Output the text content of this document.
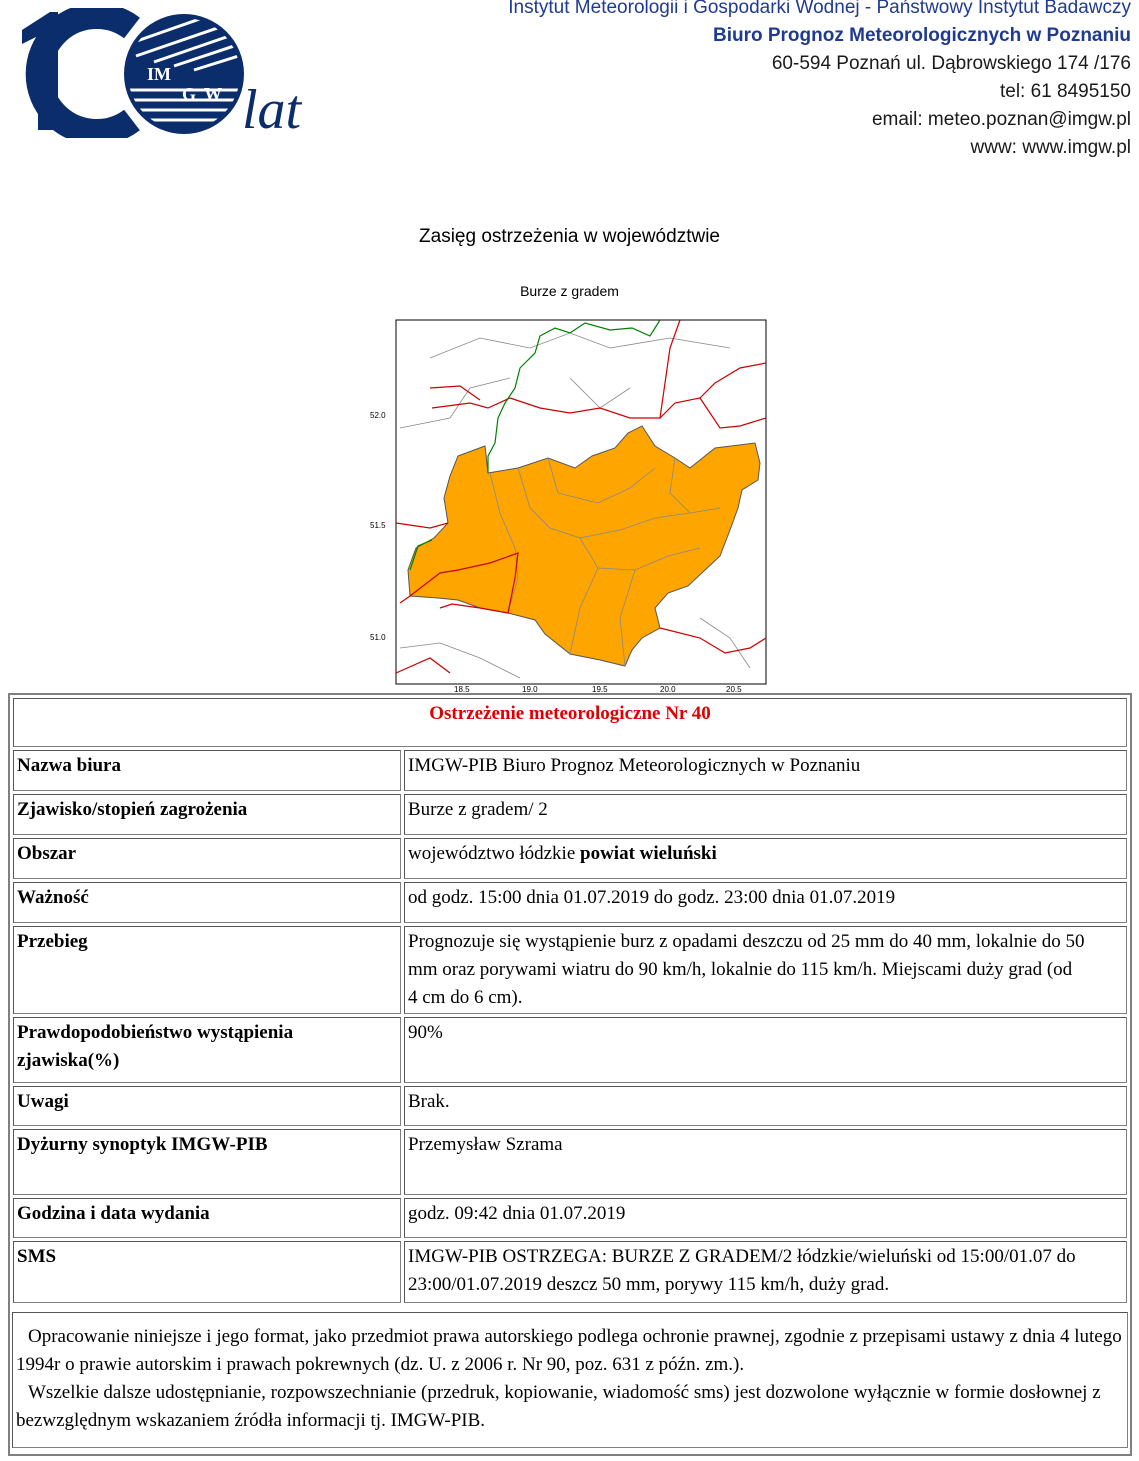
IM
G W lat
Instytut Meteorologii i Gospodarki Wodnej - Państwowy Instytut Badawczy
Biuro Prognoz Meteorologicznych w Poznaniu
60-594 Poznań ul. Dąbrowskiego 174 /176
tel: 61 8495150
email: meteo.poznan@imgw.pl
www: www.imgw.pl
Zasięg ostrzeżenia w województwie
Burze z gradem
52.0
51.5
51.0
18.5	19.0	19.5	20.0	20.5
Ostrzeżenie meteorologiczne Nr 40	
Nazwa biura	IMGW-PIB Biuro Prognoz Meteorologicznych w Poznaniu
Zjawisko/stopień zagrożenia	Burze z gradem/ 2
Obszar	województwo łódzkie powiat wieluński
Ważność	od godz. 15:00 dnia 01.07.2019 do godz. 23:00 dnia 01.07.2019
Przebieg	Prognozuje się wystąpienie burz z opadami deszczu od 25 mm do 40 mm, lokalnie do 50 mm oraz porywami wiatru do 90 km/h, lokalnie do 115 km/h. Miejscami duży grad (od 4 cm do 6 cm).
Prawdopodobieństwo wystąpienia zjawiska(%)	90%
Uwagi	Brak.
Dyżurny synoptyk IMGW-PIB	Przemysław Szrama
Godzina i data wydania	godz. 09:42 dnia 01.07.2019
SMS	IMGW-PIB OSTRZEGA: BURZE Z GRADEM/2 łódzkie/wieluński od 15:00/01.07 do 23:00/01.07.2019 deszcz 50 mm, porywy 115 km/h, duży grad.

Opracowanie niniejsze i jego format, jako przedmiot prawa autorskiego podlega ochronie prawnej, zgodnie z przepisami ustawy z dnia 4 lutego 1994r o prawie autorskim i prawach pokrewnych (dz. U. z 2006 r. Nr 90, poz. 631 z późn. zm.).

Wszelkie dalsze udostępnianie, rozpowszechnianie (przedruk, kopiowanie, wiadomość sms) jest dozwolone wyłącznie w formie dosłownej z bezwzględnym wskazaniem źródła informacji tj. IMGW-PIB.
